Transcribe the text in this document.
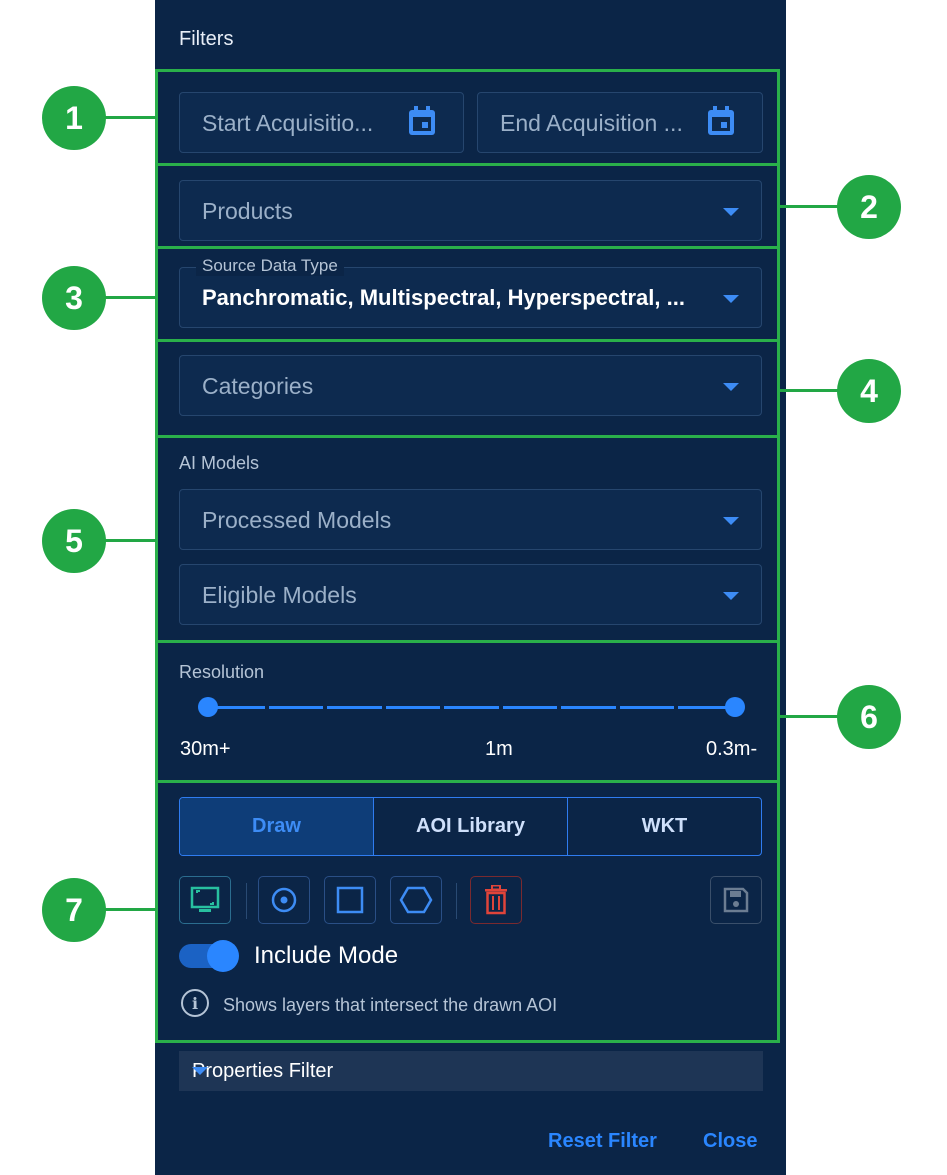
Filters
Start Acquisitio...	End Acquisition ...
Products
Source Data Type
Panchromatic, Multispectral, Hyperspectral, ...
Categories
AI Models
Processed Models
Eligible Models
Resolution
30m+	1m	0.3m-
Draw	AOI Library	WKT
Include Mode
i	Shows layers that intersect the drawn AOI
Properties Filter
Reset Filter Close
1
2
3
4
5
6
7
